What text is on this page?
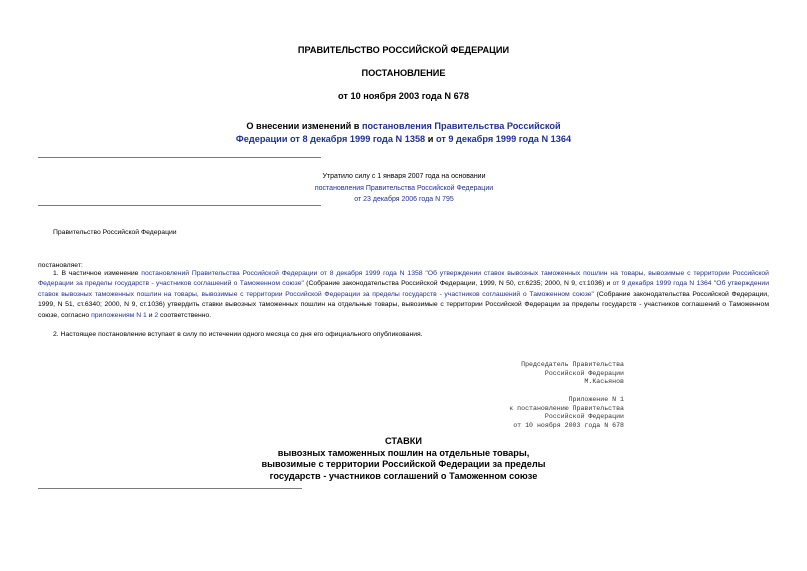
ПРАВИТЕЛЬСТВО РОССИЙСКОЙ ФЕДЕРАЦИИ
ПОСТАНОВЛЕНИЕ
от 10 ноября 2003 года N 678
О внесении изменений в постановления Правительства Российской
Федерации от 8 декабря 1999 года N 1358 и от 9 декабря 1999 года N 1364
Утратило силу с 1 января 2007 года на основании
постановления Правительства Российской Федерации
от 23 декабря 2006 года N 795
Правительство Российской Федерации
постановляет:
1. В частичное изменение постановлений Правительства Российской Федерации от 8 декабря 1999 года N 1358 "Об утверждении ставок вывозных таможенных пошлин на товары, вывозимые с территории Российской Федерации за пределы государств - участников соглашений о Таможенном союзе" (Собрание законодательства Российской Федерации, 1999, N 50, ст.6235; 2000, N 9, ст.1036) и от 9 декабря 1999 года N 1364 "Об утверждении ставок вывозных таможенных пошлин на товары, вывозимые с территории Российской Федерации за пределы государств - участников соглашений о Таможенном союзе" (Собрание законодательства Российской Федерации, 1999, N 51, ст.6340; 2000, N 9, ст.1036) утвердить ставки вывозных таможенных пошлин на отдельные товары, вывозимые с территории Российской Федерации за пределы государств - участников соглашений о Таможенном союзе, согласно приложениям N 1 и 2 соответственно.
2. Настоящее постановление вступает в силу по истечении одного месяца со дня его официального опубликования.
Председатель Правительства
Российской Федерации
М.Касьянов
Приложение N 1
к постановлению Правительства
Российской Федерации
от 10 ноября 2003 года N 678
СТАВКИ
вывозных таможенных пошлин на отдельные товары,
вывозимые с территории Российской Федерации за пределы
государств - участников соглашений о Таможенном союзе
